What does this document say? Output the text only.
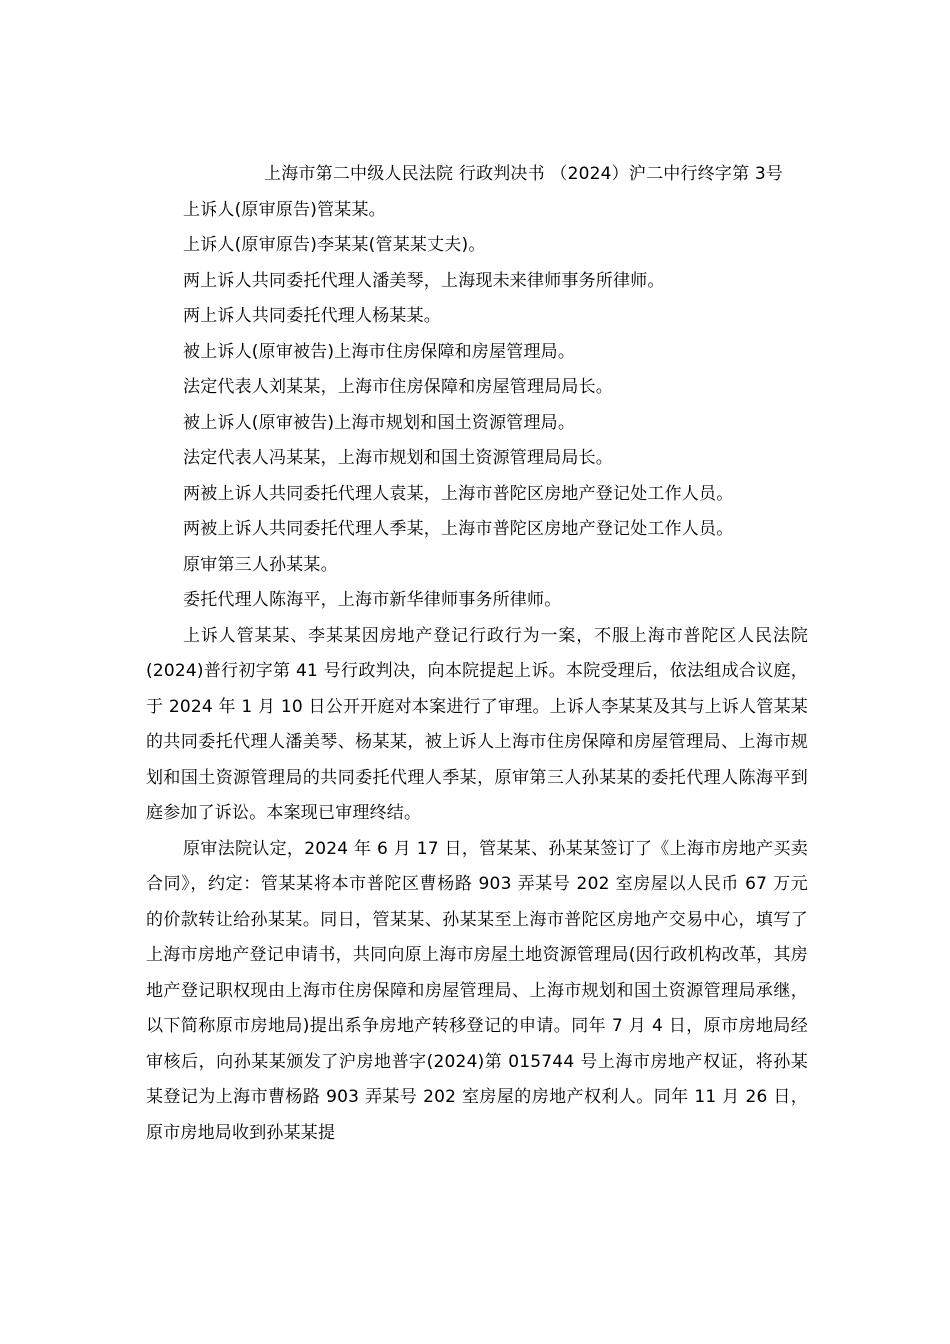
上海市第二中级人民法院 行政判决书 （2024）沪二中行终字第 3号

上诉人(原审原告)管某某。

上诉人(原审原告)李某某(管某某丈夫)。

两上诉人共同委托代理人潘美琴，上海现未来律师事务所律师。

两上诉人共同委托代理人杨某某。

被上诉人(原审被告)上海市住房保障和房屋管理局。

法定代表人刘某某，上海市住房保障和房屋管理局局长。

被上诉人(原审被告)上海市规划和国土资源管理局。

法定代表人冯某某，上海市规划和国土资源管理局局长。

两被上诉人共同委托代理人袁某，上海市普陀区房地产登记处工作人员。

两被上诉人共同委托代理人季某，上海市普陀区房地产登记处工作人员。

原审第三人孙某某。

委托代理人陈海平，上海市新华律师事务所律师。

上诉人管某某、李某某因房地产登记行政行为一案，不服上海市普陀区人民法院(2024)普行初字第 41 号行政判决，向本院提起上诉。本院受理后，依法组成合议庭，于 2024 年 1 月 10 日公开开庭对本案进行了审理。上诉人李某某及其与上诉人管某某的共同委托代理人潘美琴、杨某某，被上诉人上海市住房保障和房屋管理局、上海市规划和国土资源管理局的共同委托代理人季某，原审第三人孙某某的委托代理人陈海平到庭参加了诉讼。本案现已审理终结。

原审法院认定，2024 年 6 月 17 日，管某某、孙某某签订了《上海市房地产买卖合同》，约定：管某某将本市普陀区曹杨路 903 弄某号 202 室房屋以人民币 67 万元的价款转让给孙某某。同日，管某某、孙某某至上海市普陀区房地产交易中心，填写了上海市房地产登记申请书，共同向原上海市房屋土地资源管理局(因行政机构改革，其房地产登记职权现由上海市住房保障和房屋管理局、上海市规划和国土资源管理局承继，以下简称原市房地局)提出系争房地产转移登记的申请。同年 7 月 4 日，原市房地局经审核后，向孙某某颁发了沪房地普字(2024)第 015744 号上海市房地产权证，将孙某某登记为上海市曹杨路 903 弄某号 202 室房屋的房地产权利人。同年 11 月 26 日，原市房地局收到孙某某提
